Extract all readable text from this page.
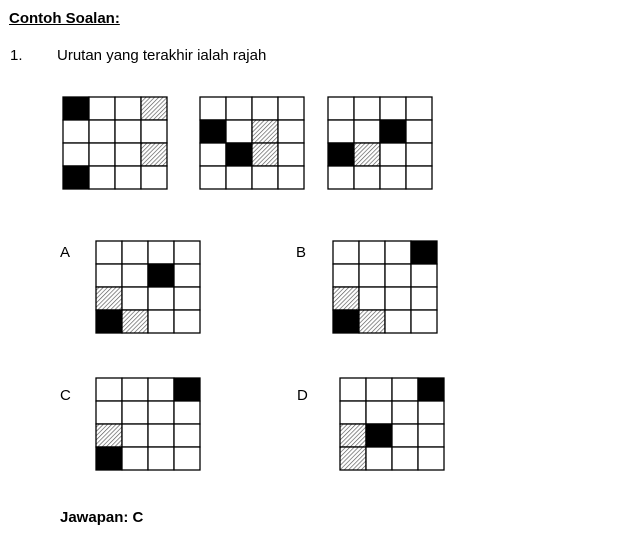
Contoh Soalan:
1. Urutan yang terakhir ialah rajah
A	B
C	D
Jawapan: C
